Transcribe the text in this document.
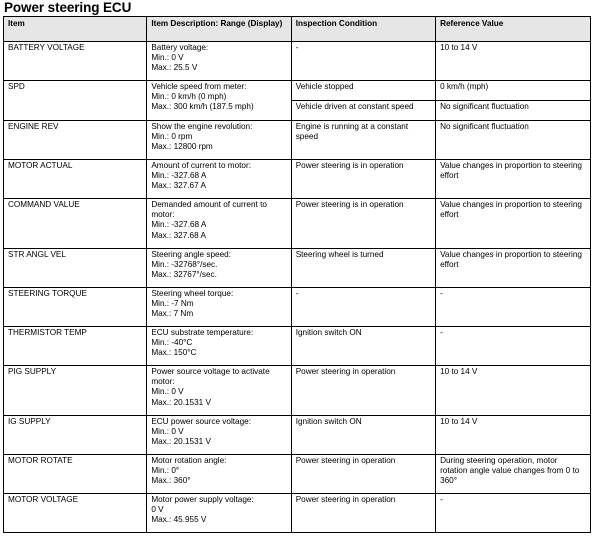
Power steering ECU
Item	Item Description: Range (Display)	Inspection Condition	Reference Value
BATTERY VOLTAGE	Battery voltage:
Min.: 0 V
Max.: 25.5 V	-	10 to 14 V
SPD	Vehicle speed from meter:
Min.: 0 km/h (0 mph)
Max.: 300 km/h (187.5 mph)	Vehicle stopped	0 km/h (mph)
		Vehicle driven at constant speed	No significant fluctuation
ENGINE REV	Show the engine revolution:
Min.: 0 rpm
Max.: 12800 rpm	Engine is running at a constant speed	No significant fluctuation
MOTOR ACTUAL	Amount of current to motor:
Min.: -327.68 A
Max.: 327.67 A	Power steering is in operation	Value changes in proportion to steering effort
COMMAND VALUE	Demanded amount of current to motor:
Min.: -327.68 A
Max.: 327.68 A	Power steering is in operation	Value changes in proportion to steering effort
STR ANGL VEL	Steering angle speed:
Min.: -32768°/sec.
Max.: 32767°/sec.	Steering wheel is turned	Value changes in proportion to steering effort
STEERING TORQUE	Steering wheel torque:
Min.: -7 Nm
Max.: 7 Nm	-	-
THERMISTOR TEMP	ECU substrate temperature:
Min.: -40°C
Max.: 150°C	Ignition switch ON	-
PIG SUPPLY	Power source voltage to activate motor:
Min.: 0 V
Max.: 20.1531 V	Power steering in operation	10 to 14 V
IG SUPPLY	ECU power source voltage:
Min.: 0 V
Max.: 20.1531 V	Ignition switch ON	10 to 14 V
MOTOR ROTATE	Motor rotation angle:
Min.: 0°
Max.: 360°	Power steering in operation	During steering operation, motor rotation angle value changes from 0 to 360°
MOTOR VOLTAGE	Motor power supply voltage:
0 V
Max.: 45.955 V	Power steering in operation	-
